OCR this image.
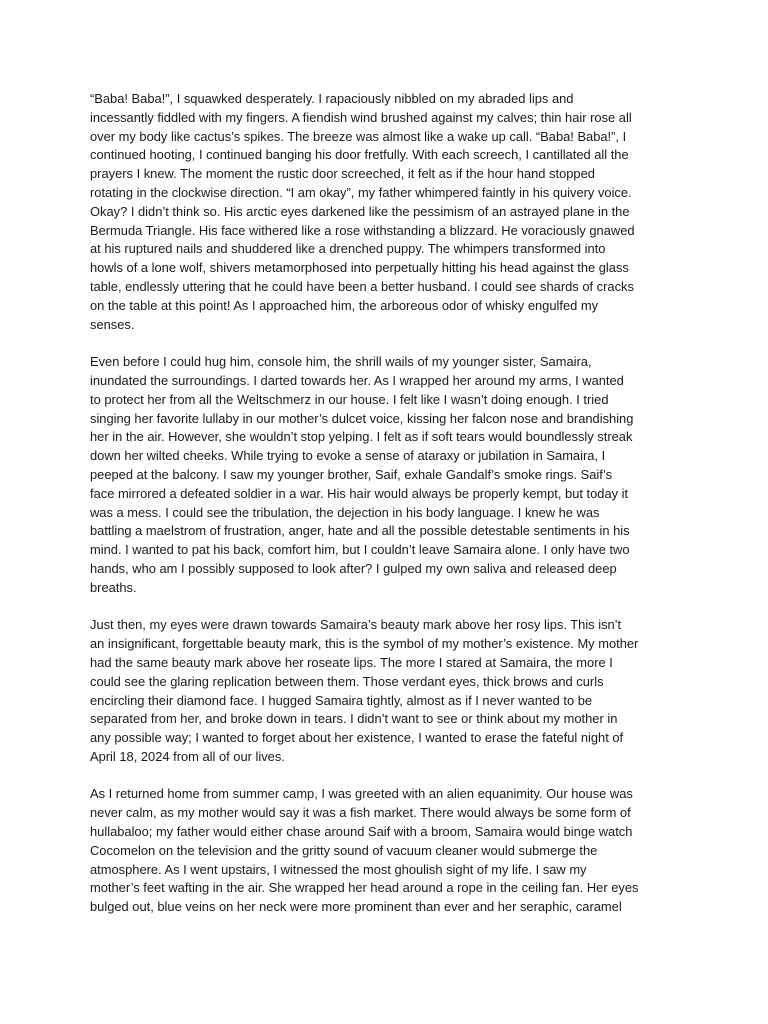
“Baba! Baba!”, I squawked desperately. I rapaciously nibbled on my abraded lips and
incessantly fiddled with my fingers. A fiendish wind brushed against my calves; thin hair rose all
over my body like cactus’s spikes. The breeze was almost like a wake up call. “Baba! Baba!”, I
continued hooting, I continued banging his door fretfully. With each screech, I cantillated all the
prayers I knew. The moment the rustic door screeched, it felt as if the hour hand stopped
rotating in the clockwise direction. “I am okay”, my father whimpered faintly in his quivery voice.
Okay? I didn’t think so. His arctic eyes darkened like the pessimism of an astrayed plane in the
Bermuda Triangle. His face withered like a rose withstanding a blizzard. He voraciously gnawed
at his ruptured nails and shuddered like a drenched puppy. The whimpers transformed into
howls of a lone wolf, shivers metamorphosed into perpetually hitting his head against the glass
table, endlessly uttering that he could have been a better husband. I could see shards of cracks
on the table at this point! As I approached him, the arboreous odor of whisky engulfed my
senses.

Even before I could hug him, console him, the shrill wails of my younger sister, Samaira,
inundated the surroundings. I darted towards her. As I wrapped her around my arms, I wanted
to protect her from all the Weltschmerz in our house. I felt like I wasn’t doing enough. I tried
singing her favorite lullaby in our mother’s dulcet voice, kissing her falcon nose and brandishing
her in the air. However, she wouldn’t stop yelping. I felt as if soft tears would boundlessly streak
down her wilted cheeks. While trying to evoke a sense of ataraxy or jubilation in Samaira, I
peeped at the balcony. I saw my younger brother, Saif, exhale Gandalf’s smoke rings. Saif’s
face mirrored a defeated soldier in a war. His hair would always be properly kempt, but today it
was a mess. I could see the tribulation, the dejection in his body language. I knew he was
battling a maelstrom of frustration, anger, hate and all the possible detestable sentiments in his
mind. I wanted to pat his back, comfort him, but I couldn’t leave Samaira alone. I only have two
hands, who am I possibly supposed to look after? I gulped my own saliva and released deep
breaths.

Just then, my eyes were drawn towards Samaira’s beauty mark above her rosy lips. This isn’t
an insignificant, forgettable beauty mark, this is the symbol of my mother’s existence. My mother
had the same beauty mark above her roseate lips. The more I stared at Samaira, the more I
could see the glaring replication between them. Those verdant eyes, thick brows and curls
encircling their diamond face. I hugged Samaira tightly, almost as if I never wanted to be
separated from her, and broke down in tears. I didn’t want to see or think about my mother in
any possible way; I wanted to forget about her existence, I wanted to erase the fateful night of
April 18, 2024 from all of our lives.

As I returned home from summer camp, I was greeted with an alien equanimity. Our house was
never calm, as my mother would say it was a fish market. There would always be some form of
hullabaloo; my father would either chase around Saif with a broom, Samaira would binge watch
Cocomelon on the television and the gritty sound of vacuum cleaner would submerge the
atmosphere. As I went upstairs, I witnessed the most ghoulish sight of my life. I saw my
mother’s feet wafting in the air. She wrapped her head around a rope in the ceiling fan. Her eyes
bulged out, blue veins on her neck were more prominent than ever and her seraphic, caramel
